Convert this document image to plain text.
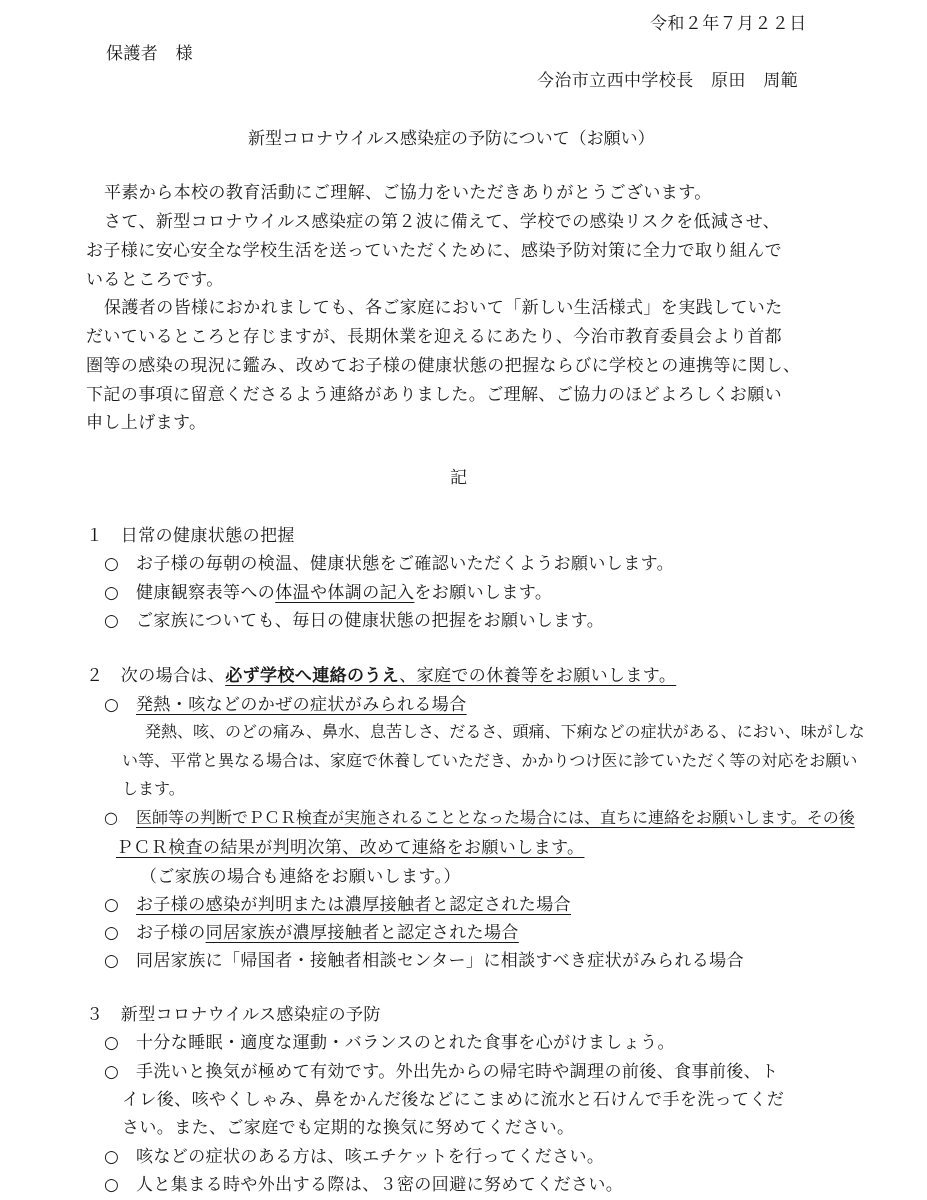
令和２年７月２２日
保護者　様
今治市立西中学校長　原田　周範
新型コロナウイルス感染症の予防について（お願い）
平素から本校の教育活動にご理解、ご協力をいただきありがとうございます。
さて、新型コロナウイルス感染症の第２波に備えて、学校での感染リスクを低減させ、
お子様に安心安全な学校生活を送っていただくために、感染予防対策に全力で取り組んで
いるところです。
保護者の皆様におかれましても、各ご家庭において「新しい生活様式」を実践していた
だいているところと存じますが、長期休業を迎えるにあたり、今治市教育委員会より首都
圏等の感染の現況に鑑み、改めてお子様の健康状態の把握ならびに学校との連携等に関し、
下記の事項に留意くださるよう連絡がありました。ご理解、ご協力のほどよろしくお願い
申し上げます。
記
１　日常の健康状態の把握
○ お子様の毎朝の検温、健康状態をご確認いただくようお願いします。
○ 健康観察表等への体温や体調の記入をお願いします。
○ ご家族についても、毎日の健康状態の把握をお願いします。
２　次の場合は、必ず学校へ連絡のうえ、家庭での休養等をお願いします。
○ 発熱・咳などのかぜの症状がみられる場合
発熱、咳、のどの痛み、鼻水、息苦しさ、だるさ、頭痛、下痢などの症状がある、におい、味がしな
い等、平常と異なる場合は、家庭で休養していただき、かかりつけ医に診ていただく等の対応をお願い
します。
○ 医師等の判断でＰＣＲ検査が実施されることとなった場合には、直ちに連絡をお願いします。その後
ＰＣＲ検査の結果が判明次第、改めて連絡をお願いします。
（ご家族の場合も連絡をお願いします。）
○ お子様の感染が判明または濃厚接触者と認定された場合
○ お子様の同居家族が濃厚接触者と認定された場合
○ 同居家族に「帰国者・接触者相談センター」に相談すべき症状がみられる場合
３　新型コロナウイルス感染症の予防
○ 十分な睡眠・適度な運動・バランスのとれた食事を心がけましょう。
○ 手洗いと換気が極めて有効です。外出先からの帰宅時や調理の前後、食事前後、ト
イレ後、咳やくしゃみ、鼻をかんだ後などにこまめに流水と石けんで手を洗ってくだ
さい。また、ご家庭でも定期的な換気に努めてください。
○ 咳などの症状のある方は、咳エチケットを行ってください。
○ 人と集まる時や外出する際は、３密の回避に努めてください。
